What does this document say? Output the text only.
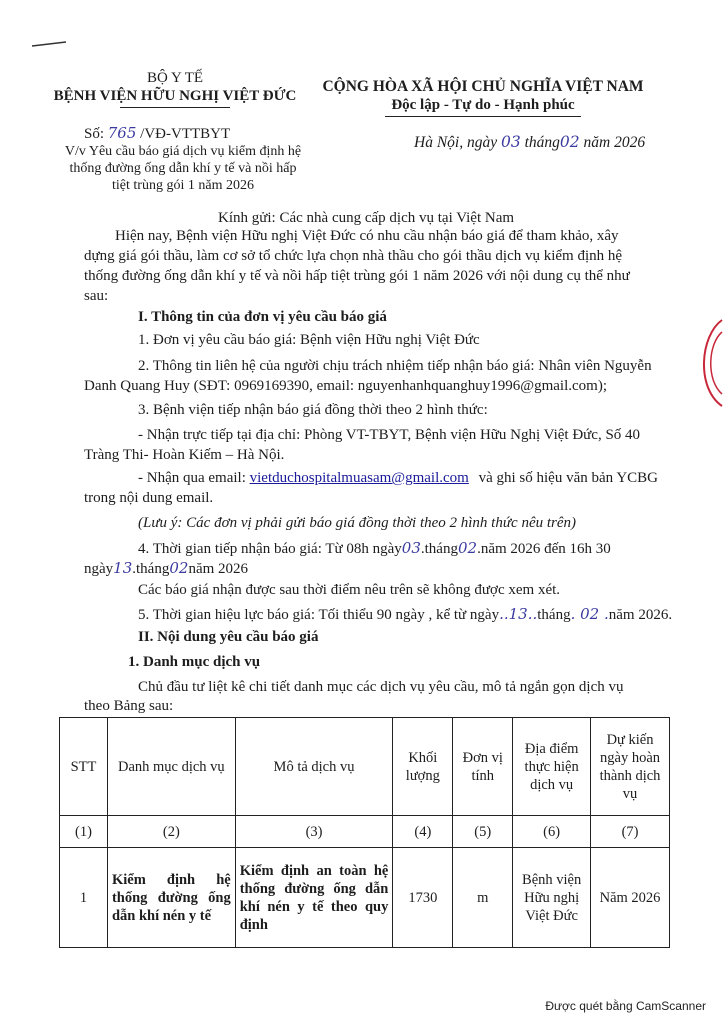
BỘ Y TẾ
BỆNH VIỆN HỮU NGHỊ VIỆT ĐỨC
Số: 765 /VĐ-VTTBYT
V/v Yêu cầu báo giá dịch vụ kiểm định hệ
thống đường ống dẫn khí y tế và nồi hấp
tiệt trùng gói 1 năm 2026
CỘNG HÒA XÃ HỘI CHỦ NGHĨA VIỆT NAM
Độc lập - Tự do - Hạnh phúc
Hà Nội, ngày 03 tháng02 năm 2026
Kính gửi: Các nhà cung cấp dịch vụ tại Việt Nam
Hiện nay, Bệnh viện Hữu nghị Việt Đức có nhu cầu nhận báo giá để tham khảo, xây
dựng giá gói thầu, làm cơ sở tổ chức lựa chọn nhà thầu cho gói thầu dịch vụ kiểm định hệ
thống đường ống dẫn khí y tế và nồi hấp tiệt trùng gói 1 năm 2026 với nội dung cụ thể như
sau:
I. Thông tin của đơn vị yêu cầu báo giá
1. Đơn vị yêu cầu báo giá: Bệnh viện Hữu nghị Việt Đức
2. Thông tin liên hệ của người chịu trách nhiệm tiếp nhận báo giá: Nhân viên Nguyễn
Danh Quang Huy (SĐT: 0969169390, email: nguyenhanhquanghuy1996@gmail.com);
3. Bệnh viện tiếp nhận báo giá đồng thời theo 2 hình thức:
- Nhận trực tiếp tại địa chỉ: Phòng VT-TBYT, Bệnh viện Hữu Nghị Việt Đức, Số 40
Tràng Thi- Hoàn Kiếm – Hà Nội.
- Nhận qua email: vietduchospitalmuasam@gmail.com và ghi số hiệu văn bản YCBG
trong nội dung email.
(Lưu ý: Các đơn vị phải gửi báo giá đồng thời theo 2 hình thức nêu trên)
4. Thời gian tiếp nhận báo giá: Từ 08h ngày03.tháng02.năm 2026 đến 16h 30
ngày13.tháng02năm 2026
Các báo giá nhận được sau thời điểm nêu trên sẽ không được xem xét.
5. Thời gian hiệu lực báo giá: Tối thiểu 90 ngày , kể từ ngày..13..tháng. 02 .năm 2026.
II. Nội dung yêu cầu báo giá
1. Danh mục dịch vụ
Chủ đầu tư liệt kê chi tiết danh mục các dịch vụ yêu cầu, mô tả ngắn gọn dịch vụ
theo Bảng sau:
STT	Danh mục dịch vụ	Mô tả dịch vụ	Khối lượng	Đơn vị tính	Địa điểm thực hiện dịch vụ	Dự kiến ngày hoàn thành dịch vụ
(1)	(2)	(3)	(4)	(5)	(6)	(7)
1	Kiểm định hệ thống đường ống dẫn khí nén y tế	Kiểm định an toàn hệ thống đường ống dẫn khí nén y tế theo quy định	1730	m	Bệnh viện Hữu nghị Việt Đức	Năm 2026
Được quét bằng CamScanner
